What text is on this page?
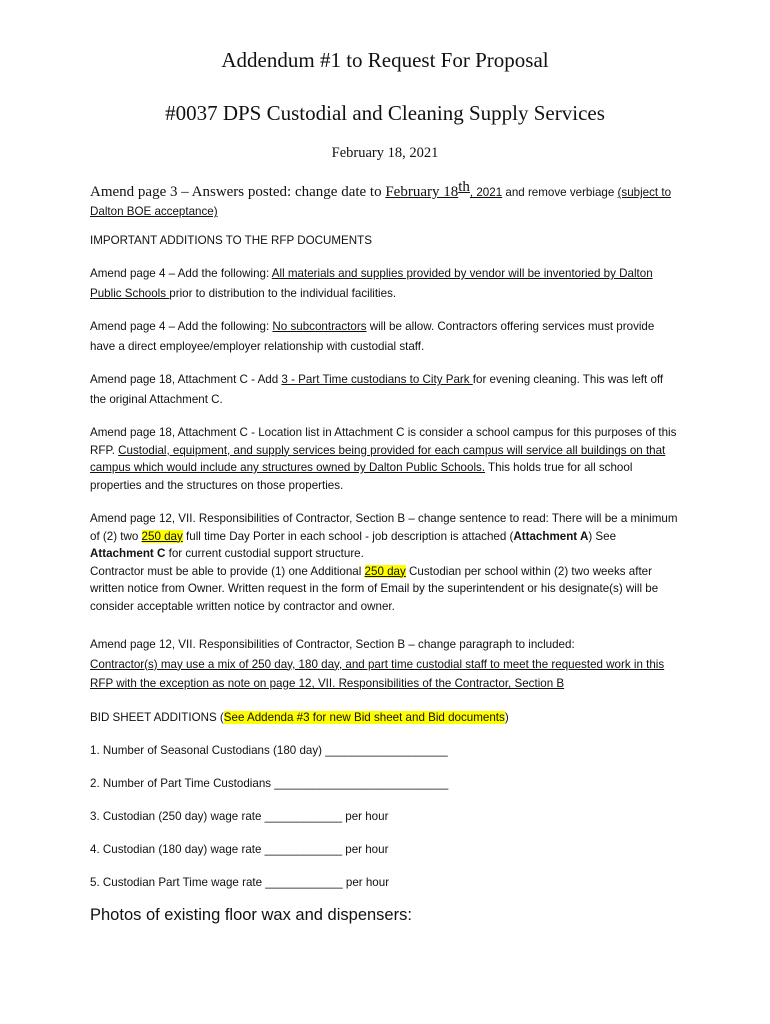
Addendum #1 to Request For Proposal
#0037 DPS Custodial and Cleaning Supply Services
February 18, 2021
Amend page 3 – Answers posted: change date to February 18th, 2021 and remove verbiage (subject to Dalton BOE acceptance)
IMPORTANT ADDITIONS TO THE RFP DOCUMENTS
Amend page 4 – Add the following: All materials and supplies provided by vendor will be inventoried by Dalton Public Schools prior to distribution to the individual facilities.
Amend page 4 – Add the following: No subcontractors will be allow. Contractors offering services must provide have a direct employee/employer relationship with custodial staff.
Amend page 18, Attachment C - Add 3 - Part Time custodians to City Park for evening cleaning. This was left off the original Attachment C.
Amend page 18, Attachment C - Location list in Attachment C is consider a school campus for this purposes of this RFP. Custodial, equipment, and supply services being provided for each campus will service all buildings on that campus which would include any structures owned by Dalton Public Schools. This holds true for all school properties and the structures on those properties.
Amend page 12, VII. Responsibilities of Contractor, Section B – change sentence to read: There will be a minimum of (2) two 250 day full time Day Porter in each school - job description is attached (Attachment A) See Attachment C for current custodial support structure.
Contractor must be able to provide (1) one Additional 250 day Custodian per school within (2) two weeks after written notice from Owner. Written request in the form of Email by the superintendent or his designate(s) will be consider acceptable written notice by contractor and owner.
Amend page 12, VII. Responsibilities of Contractor, Section B – change paragraph to included:
Contractor(s) may use a mix of 250 day, 180 day, and part time custodial staff to meet the requested work in this RFP with the exception as note on page 12, VII. Responsibilities of the Contractor, Section B
BID SHEET ADDITIONS (See Addenda #3 for new Bid sheet and Bid documents)
1. Number of Seasonal Custodians (180 day) ___________________
2. Number of Part Time Custodians ___________________________
3. Custodian (250 day) wage rate ____________ per hour
4. Custodian (180 day) wage rate ____________ per hour
5. Custodian Part Time wage rate ____________ per hour
Photos of existing floor wax and dispensers:
